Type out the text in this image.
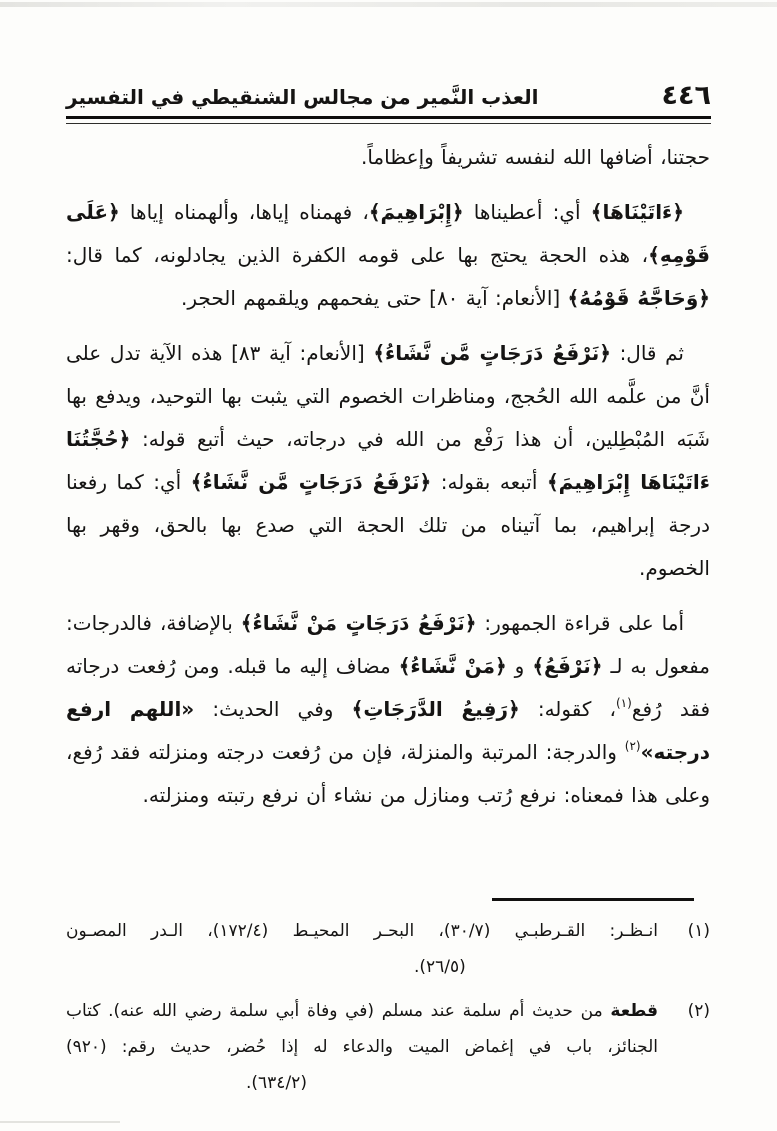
٤٤٦
العذب النَّمير من مجالس الشنقيطي في التفسير

حجتنا، أضافها الله لنفسه تشريفاً وإعظاماً.

﴿ءَاتَيْنَاهَا﴾ أي: أعطيناها ﴿إِبْرَاهِيمَ﴾، فهمناه إياها، وألهمناه إياها ﴿عَلَى قَوْمِهِ﴾، هذه الحجة يحتج بها على قومه الكفرة الذين يجادلونه، كما قال: ﴿وَحَاجَّهُ قَوْمُهُ﴾ [الأنعام: آية ٨٠] حتى يفحمهم ويلقمهم الحجر.

ثم قال: ﴿نَرْفَعُ دَرَجَاتٍ مَّن نَّشَاءُ﴾ [الأنعام: آية ٨٣] هذه الآية تدل على أنَّ من علَّمه الله الحُجج، ومناظرات الخصوم التي يثبت بها التوحيد، ويدفع بها شَبَه المُبْطِلين، أن هذا رَفْع من الله في درجاته، حيث أتبع قوله: ﴿حُجَّتُنَا ءَاتَيْنَاهَا إِبْرَاهِيمَ﴾ أتبعه بقوله: ﴿نَرْفَعُ دَرَجَاتٍ مَّن نَّشَاءُ﴾ أي: كما رفعنا درجة إبراهيم، بما آتيناه من تلك الحجة التي صدع بها بالحق، وقهر بها الخصوم.

أما على قراءة الجمهور: ﴿نَرْفَعُ دَرَجَاتٍ مَنْ نَّشَاءُ﴾ بالإضافة، فالدرجات: مفعول به لـ ﴿نَرْفَعُ﴾ و ﴿مَنْ نَّشَاءُ﴾ مضاف إليه ما قبله. ومن رُفعت درجاته فقد رُفع$^{(١)}$، كقوله: ﴿رَفِيعُ الدَّرَجَاتِ﴾ وفي الحديث: «اللهم ارفع درجته»$^{(٢)}$ والدرجة: المرتبة والمنزلة، فإن من رُفعت درجته ومنزلته فقد رُفع، وعلى هذا فمعناه: نرفع رُتب ومنازل من نشاء أن نرفع رتبته ومنزلته.

(١)
انـظـر: القـرطبـي (٣٠/٧)، البحـر المحيـط (١٧٢/٤)، الـدر المصـون
(٢٦/٥).
(٢)
قطعة من حديث أم سلمة عند مسلم (في وفاة أبي سلمة رضي الله عنه). كتاب الجنائز، باب في إغماض الميت والدعاء له إذا حُضر، حديث رقم: (٩٢٠)
(٦٣٤/٢).
